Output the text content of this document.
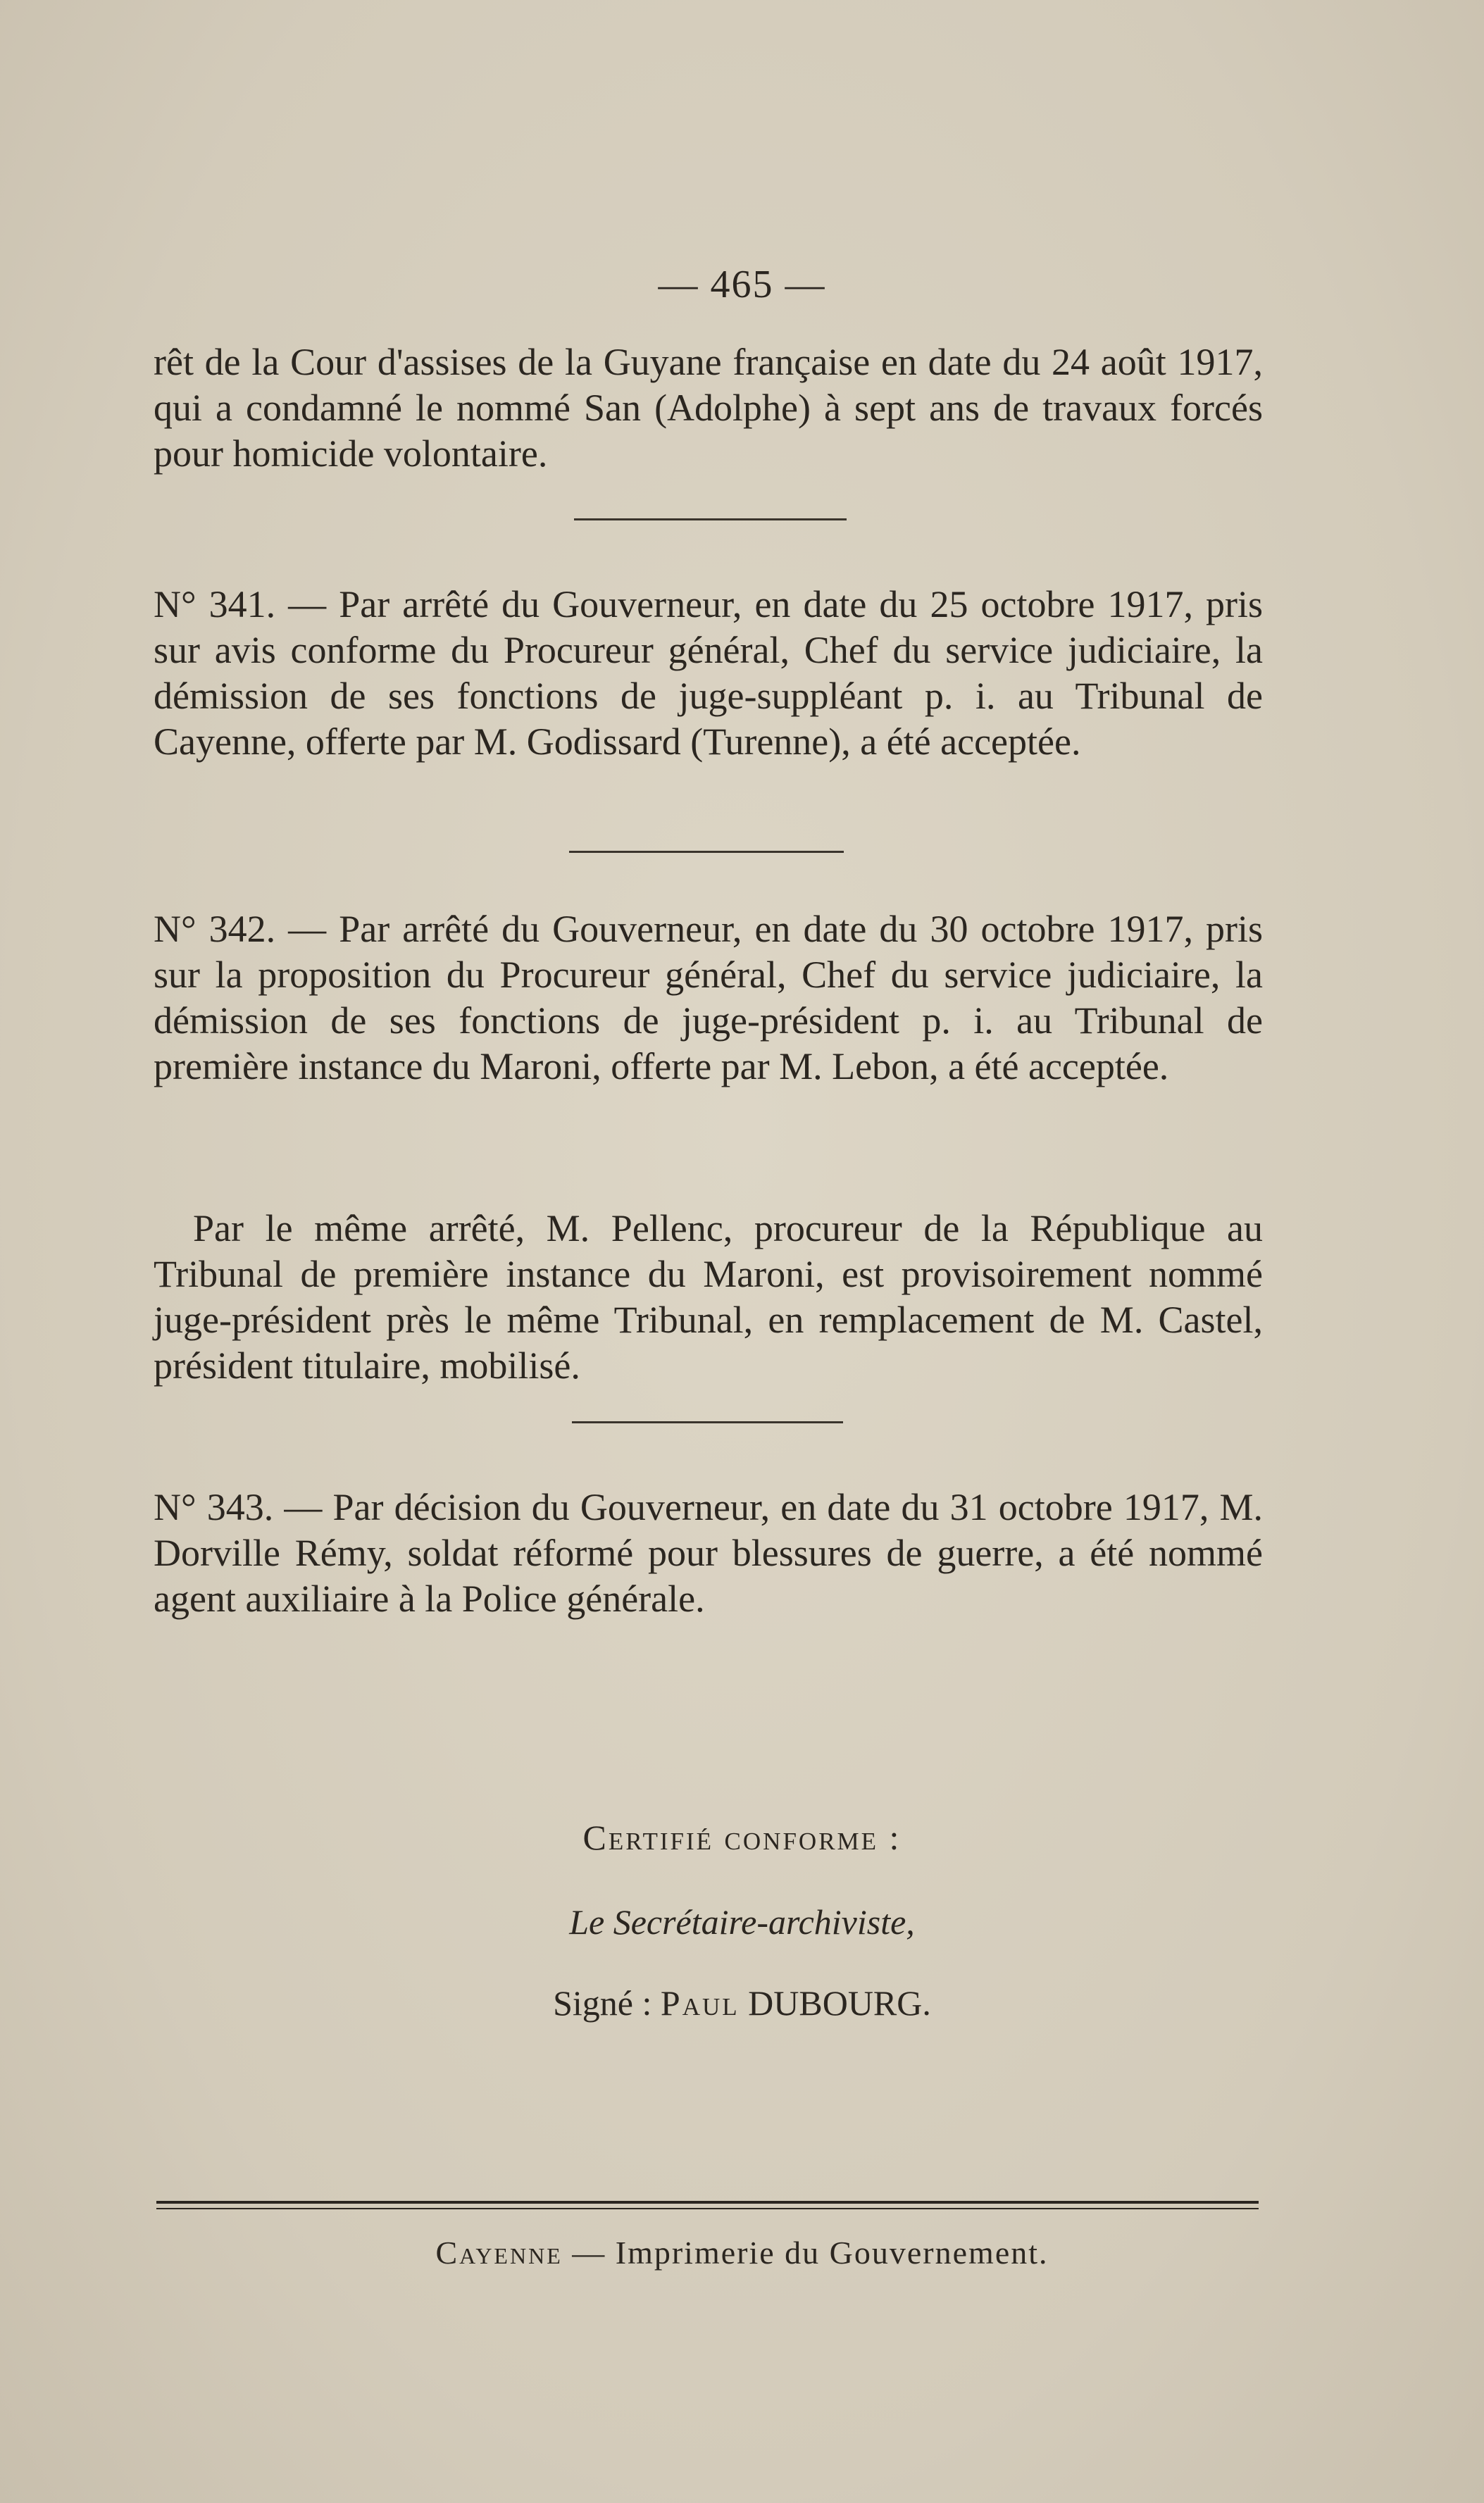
— 465 —

rêt de la Cour d'assises de la Guyane française en date du 24 août 1917, qui a condamné le nommé San (Adolphe) à sept ans de travaux forcés pour homicide volontaire.

N° 341. — Par arrêté du Gouverneur, en date du 25 octobre 1917, pris sur avis conforme du Procureur général, Chef du service judiciaire, la démission de ses fonctions de juge-suppléant p. i. au Tribunal de Cayenne, offerte par M. Godissard (Turenne), a été acceptée.

N° 342. — Par arrêté du Gouverneur, en date du 30 octobre 1917, pris sur la proposition du Procureur général, Chef du service judiciaire, la démission de ses fonctions de juge-président p. i. au Tribunal de première instance du Maroni, offerte par M. Lebon, a été acceptée.

Par le même arrêté, M. Pellenc, procureur de la République au Tribunal de première instance du Maroni, est provisoirement nommé juge-président près le même Tribunal, en remplacement de M. Castel, président titulaire, mobilisé.

N° 343. — Par décision du Gouverneur, en date du 31 octobre 1917, M. Dorville Rémy, soldat réformé pour blessures de guerre, a été nommé agent auxiliaire à la Police générale.

Certifié conforme :
Le Secrétaire-archiviste,
Signé : Paul DUBOURG.
Cayenne — Imprimerie du Gouvernement.
